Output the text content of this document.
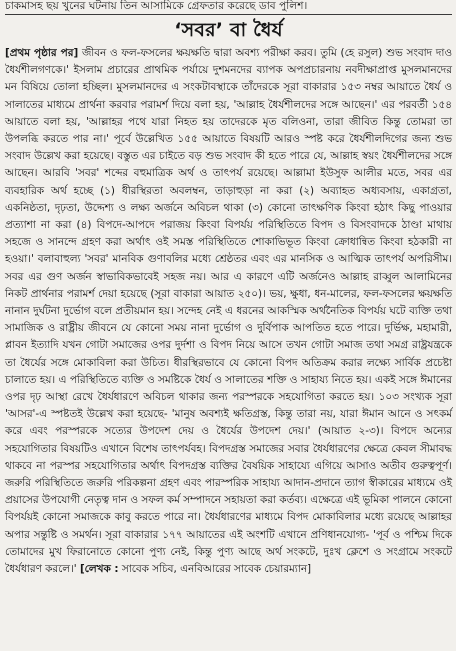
চাকমাসহ ছয় খুনের ঘটনায় তিন আসামিকে গ্রেফতার করেছে ডাব পুলিশ।
‘সবর’ বা ধৈর্য
[প্রথম পৃষ্ঠার পর] জীবন ও ফল-ফসলের ক্ষয়ক্ষতি দ্বারা অবশ্য পরীক্ষা করব। তুমি (হে রসুল) শুভ সংবাদ দাও ধৈর্যশীলগণকে।' ইসলাম প্রচারের প্রাথমিক পর্যায়ে দুশমনদের ব্যাপক অপপ্রচারনায় নবদীক্ষাপ্রাপ্ত মুসলমানদের মন বিষিয়ে তোলা হচ্ছিল। মুসলমানদের এ সংকটাবস্থাকে তাঁদেরকে সূরা বাকারার ১৫৩ নম্বর আয়াতে ধৈর্য ও সালাতের মাধ্যমে প্রার্থনা করবার পরামর্শ দিয়ে বলা হয়, 'আল্লাহ ধৈর্যশীলদের সঙ্গে আছেন।' এর পরবর্তী ১৫৪ আয়াতে বলা হয়, 'আল্লাহর পথে যারা নিহত হয় তাদেরকে মৃত বলিওনা, তারা জীবিত কিন্তু তোমরা তা উপলব্ধি করতে পার না।' পূর্বে উল্লেখিত ১৫৫ আয়াতে বিষয়টি আরও স্পষ্ট করে ধৈর্যশীলদিগের জন্য শুভ সংবাদ উল্লেখ করা হয়েছে। বস্তুত এর চাইতে বড় শুভ সংবাদ কী হতে পারে যে, আল্লাহ স্বয়ং ধৈর্যশীলদের সঙ্গে আছেন। আরবি 'সবর' শব্দের বহুমাত্রিক অর্থ ও তাৎপর্য রয়েছে। আল্লামা ইউসুফ আলীর মতে, সবর এর ব্যবহারিক অর্থ হচ্ছে (১) ধীরস্থিরতা অবলম্বন, তাড়াহুড়া না করা (২) অব্যাহত অধ্যবসায়, একাগ্রতা, একনিষ্ঠতা, দৃঢ়তা, উদ্দেশ্য ও লক্ষ্য অর্জনে অবিচল থাকা (৩) কোনো তাৎক্ষণিক কিংবা হঠাৎ কিছু পাওয়ার প্রত্যাশা না করা (৪) বিপদে-আপদে পরাজয় কিংবা বিপর্যয় পরিস্থিতিতে বিপদ ও বিসংবাদকে ঠাণ্ডা মাথায় সহজে ও সানন্দে গ্রহণ করা অর্থাৎ ওই সমস্ত পরিস্থিতিতে শোকাভিভূত কিংবা ক্রোধান্বিত কিংবা হঠকারী না হওয়া।' বলাবাহুল্য 'সবর' মানবিক গুণাবলির মধ্যে শ্রেষ্ঠতর এবং এর মানসিক ও আত্মিক তাৎপর্য অপরিসীম। সবর এর গুণ অর্জন স্বাভাবিকভাবেই সহজ নয়। আর এ কারণে এটি অর্জনেও আল্লাহ রাব্বুল আলামিনের নিকট প্রার্থনার পরামর্শ দেয়া হয়েছে (সূরা বাকারা আয়াত ২৫০)। ভয়, ক্ষুধা, ধন-মালের, ফল-ফসলের ক্ষয়ক্ষতি নানান দুর্ঘটনা দুর্ভোগ বলে প্রতীয়মান হয়। সন্দেহ নেই এ ধরনের আকস্মিক অর্থনৈতিক বিপর্যয় ঘটে ব্যক্তি তথা সামাজিক ও রাষ্ট্রীয় জীবনে যে কোনো সময় নানা দুর্ভোগ ও দুর্বিপাক আপতিত হতে পারে। দুর্ভিক্ষ, মহামারী, প্লাবন ইত্যাদি যখন গোটা সমাজের ওপর দুর্দশা ও বিপদ নিয়ে আসে তখন গোটা সমাজ তথা সমগ্র রাষ্ট্রযন্ত্রকে তা ধৈর্যের সঙ্গে মোকাবিলা করা উচিত। ধীরস্থিরভাবে যে কোনো বিপদ অতিক্রম করার লক্ষ্যে সার্বিক প্রচেষ্টা চালাতে হয়। এ পরিস্থিতিতে ব্যক্তি ও সমষ্টিকে ধৈর্য ও সালাতের শক্তি ও সাহায্য নিতে হয়। একই সঙ্গে ঈমানের ওপর দৃঢ় আস্থা রেখে ধৈর্যধারণে অবিচল থাকার জন্য পরস্পরকে সহযোগিতা করতে হয়। ১০৩ সংখ্যক সূরা 'আসর'-এ স্পষ্টতই উল্লেখ করা হয়েছে- 'মানুষ অবশ্যই ক্ষতিগ্রস্ত, কিন্তু তারা নয়, যারা ঈমান আনে ও সৎকর্ম করে এবং পরস্পরকে সত্যের উপদেশ দেয় ও ধৈর্যের উপদেশ দেয়।' (আয়াত ২-৩)। বিপদে অন্যের সহযোগিতার বিষয়টিও এখানে বিশেষ তাৎপর্যবহ। বিপদগ্রস্ত সমাজের সবার ধৈর্যধারণের ক্ষেত্রে কেবল সীমাবদ্ধ থাকবে না পরস্পর সহযোগিতার অর্থাৎ বিপদগ্রস্ত ব্যক্তির বৈষয়িক সাহায্যে এগিয়ে আসাও অতীব গুরুত্বপূর্ণ। জরুরি পরিস্থিতিতে জরুরি পরিকল্পনা গ্রহণ এবং পারস্পরিক সাহায্য আদান-প্রদানে ত্যাগ স্বীকারের মাধ্যমে ওই প্রয়াসের উপযোগী নেতৃত্ব দান ও সফল কর্ম সম্পাদনে সহায়তা করা কর্তব্য। এক্ষেত্রে এই ভূমিকা পালনে কোনো বিপর্যয়ই কোনো সমাজকে কাবু করতে পারে না। ধৈর্যধারণের মাধ্যমে বিপদ মোকাবিলার মধ্যে রয়েছে আল্লাহর অপার সন্তুষ্টি ও সমর্থন। সূরা বাকারার ১৭৭ আয়াতের এই অংশটি এখানে প্রণিধানযোগ্য- 'পূর্ব ও পশ্চিম দিকে তোমাদের মুখ ফিরানোতে কোনো পুণ্য নেই, কিন্তু পুণ্য আছে অর্থ সংকটে, দুঃখ ক্লেশে ও সংগ্রামে সংকটে ধৈর্যধারণ করলে।' [লেখক : সাবেক সচিব, এনবিআরের সাবেক চেয়ারম্যান]
